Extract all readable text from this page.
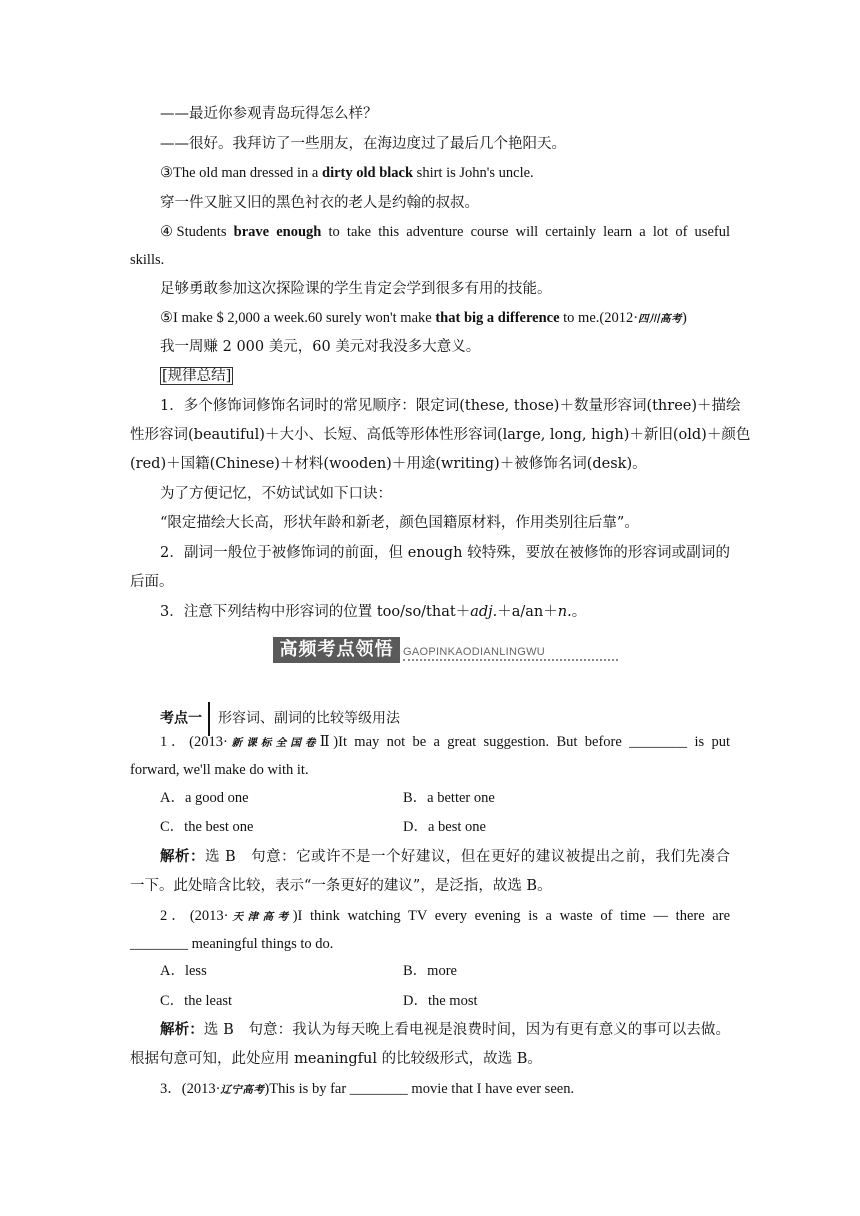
——最近你参观青岛玩得怎么样？
——很好。我拜访了一些朋友，在海边度过了最后几个艳阳天。
③The old man dressed in a dirty old black shirt is John's uncle.
穿一件又脏又旧的黑色衬衣的老人是约翰的叔叔。
④Students brave enough to take this adventure course will certainly learn a lot of useful
skills.
足够勇敢参加这次探险课的学生肯定会学到很多有用的技能。
⑤I make $ 2,000 a week.60 surely won't make that big a difference to me.(2012·四川高考)
我一周赚 2 000 美元，60 美元对我没多大意义。
[规律总结]
1．多个修饰词修饰名词时的常见顺序：限定词(these, those)＋数量形容词(three)＋描绘
性形容词(beautiful)＋大小、长短、高低等形体性形容词(large, long, high)＋新旧(old)＋颜色
(red)＋国籍(Chinese)＋材料(wooden)＋用途(writing)＋被修饰名词(desk)。
为了方便记忆，不妨试试如下口诀：
“限定描绘大长高，形状年龄和新老，颜色国籍原材料，作用类别往后靠”。
2．副词一般位于被修饰词的前面，但 enough 较特殊，要放在被修饰的形容词或副词的
后面。
3．注意下列结构中形容词的位置 too/so/that＋adj.＋a/an＋n.。
高频考点领悟 GAOPINKAODIANLINGWU
考点一 形容词、副词的比较等级用法
1．(2013·新课标全国卷Ⅱ)It may not be a great suggestion. But before ________ is put
forward, we'll make do with it.
A．a good one	B．a better one
C．the best one	D．a best one
解析：选 B　句意：它或许不是一个好建议，但在更好的建议被提出之前，我们先凑合
一下。此处暗含比较，表示“一条更好的建议”，是泛指，故选 B。
2．(2013·天津高考)I think watching TV every evening is a waste of time — there are
________ meaningful things to do.
A．less	B．more
C．the least	D．the most
解析：选 B　句意：我认为每天晚上看电视是浪费时间，因为有更有意义的事可以去做。
根据句意可知，此处应用 meaningful 的比较级形式，故选 B。
3．(2013·辽宁高考)This is by far ________ movie that I have ever seen.
